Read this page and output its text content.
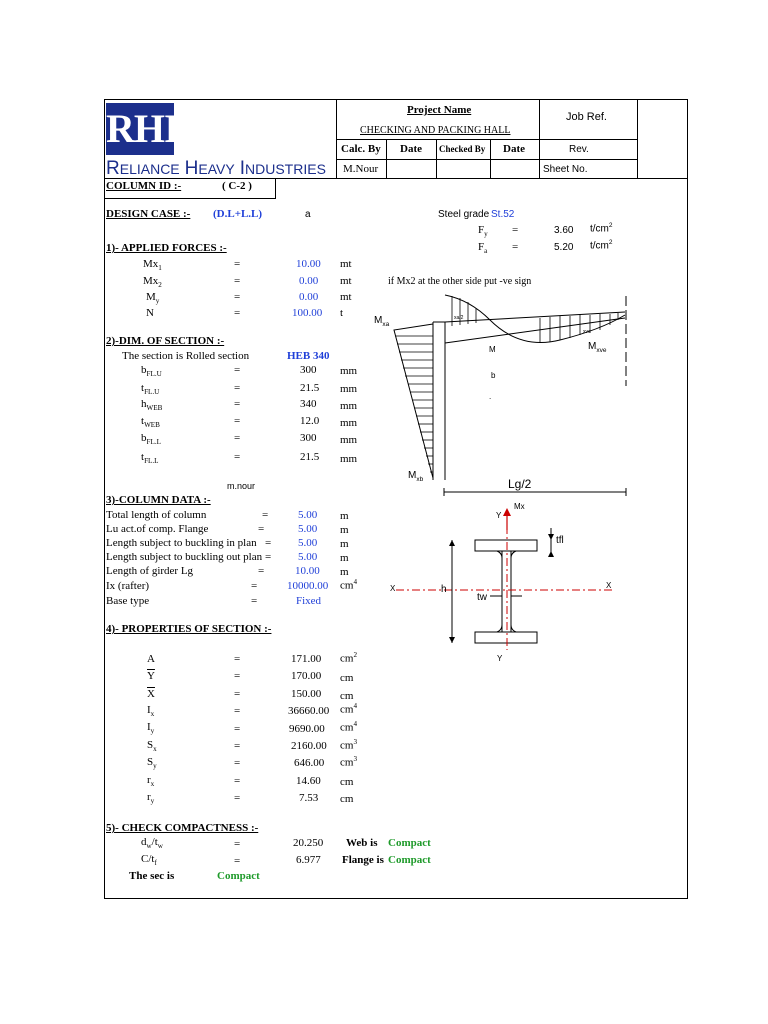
RHI
RELIANCE HEAVY INDUSTRIES
Project Name
CHECKING AND PACKING HALL
Job Ref.
Calc. By Date Checked By Date	Rev.
M.Nour	Sheet No.
COLUMN ID :-	( C-2 )
DESIGN CASE :- (D.L+L.L)	a	Steel grade St.52
$F_y$ =	3.60 $t/cm^2$
$F_a$ =	5.20 $t/cm^2$
1)- APPLIED FORCES :-
$Mx_1$	=	10.00 mt
$Mx_2$	=	0.00 mt
$M_y$	=	0.00 mt
N	=	100.00 t
if Mx2 at the other side put -ve sign
2)-DIM. OF SECTION :-
The section is Rolled section	HEB 340
$b_{FL.U}$	=	300 mm
$t_{FL.U}$	=	21.5 mm
$h_{WEB}$	=	340 mm
$t_{WEB}$	=	12.0 mm
$b_{FL.L}$	=	300 mm
$t_{FL.L}$	=	21.5 mm
m.nour
3)-COLUMN DATA :-
Total length of column	=	5.00 m
Lu act.of comp. Flange	=	5.00 m
Length subject to buckling in plan = 5.00 m
Length subject to buckling out plan = 5.00 m
Length of girder Lg	=	10.00 m
Ix (rafter)	=	10000.00 $cm^4$
Base type	=	Fixed
4)- PROPERTIES OF SECTION :-
A	=	171.00 $cm^2$
$\overline{Y}$	=	170.00 cm
$\overline{X}$	=	150.00 cm
$I_x$	=	36660.00 $cm^4$
$I_y$	=	9690.00 $cm^4$
$S_x$	=	2160.00 $cm^3$
$S_y$	=	646.00 $cm^3$
$r_x$	=	14.60 cm
$r_y$	=	7.53 cm
5)- CHECK COMPACTNESS :-
$d_w/t_w$	=	20.250 Web is Compact
$C/t_f$	=	6.977 Flange is Compact
The sec is	Compact
$M_{xa}$
$M_{xb}$
M	$M_{xve}$
b
.
Lg/2
xa/2
xve
Mx
Y
Y
X	X
h
tw
tfl
